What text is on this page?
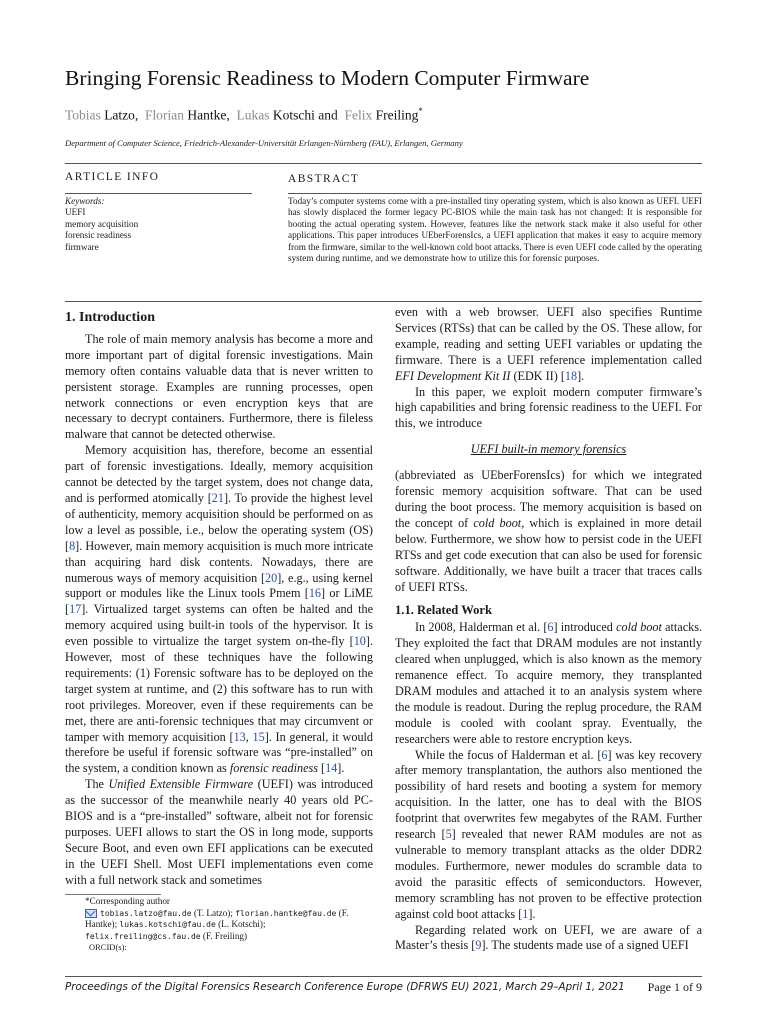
Bringing Forensic Readiness to Modern Computer Firmware
Tobias Latzo, Florian Hantke, Lukas Kotschi and Felix Freiling*
Department of Computer Science, Friedrich-Alexander-Universität Erlangen-Nürnberg (FAU), Erlangen, Germany
ARTICLE INFO
Keywords:
UEFI
memory acquisition
forensic readiness
firmware
ABSTRACT
Today’s computer systems come with a pre-installed tiny operating system, which is also known as UEFI. UEFI has slowly displaced the former legacy PC-BIOS while the main task has not changed: It is responsible for booting the actual operating system. However, features like the network stack make it also useful for other applications. This paper introduces UEberForensIcs, a UEFI application that makes it easy to acquire memory from the firmware, similar to the well-known cold boot attacks. There is even UEFI code called by the operating system during runtime, and we demonstrate how to utilize this for forensic purposes.
1. Introduction

The role of main memory analysis has become a more and more important part of digital forensic investigations. Main memory often contains valuable data that is never written to persistent storage. Examples are running processes, open network connections or even encryption keys that are necessary to decrypt containers. Furthermore, there is fileless malware that cannot be detected otherwise.

Memory acquisition has, therefore, become an essential part of forensic investigations. Ideally, memory acquisition cannot be detected by the target system, does not change data, and is performed atomically [21]. To provide the highest level of authenticity, memory acquisition should be performed on as low a level as possible, i.e., below the operating system (OS) [8]. However, main memory acquisition is much more intricate than acquiring hard disk contents. Nowadays, there are numerous ways of memory acquisition [20], e.g., using kernel support or modules like the Linux tools Pmem [16] or LiME [17]. Virtualized target systems can often be halted and the memory acquired using built-in tools of the hypervisor. It is even possible to virtualize the target system on-the-fly [10]. However, most of these techniques have the following requirements: (1) Forensic software has to be deployed on the target system at runtime, and (2) this software has to run with root privileges. Moreover, even if these requirements can be met, there are anti-forensic techniques that may circumvent or tamper with memory acquisition [13, 15]. In general, it would therefore be useful if forensic software was “pre-installed” on the system, a condition known as forensic readiness [14].

The Unified Extensible Firmware (UEFI) was introduced as the successor of the meanwhile nearly 40 years old PC-BIOS and is a “pre-installed” software, albeit not for forensic purposes. UEFI allows to start the OS in long mode, supports Secure Boot, and even own EFI applications can be executed in the UEFI Shell. Most UEFI implementations even come with a full network stack and sometimes

*Corresponding author
tobias.latzo@fau.de (T. Latzo); florian.hantke@fau.de (F. Hantke); lukas.kotschi@fau.de (L. Kotschi); felix.freiling@cs.fau.de (F. Freiling)
ORCID(s):

even with a web browser. UEFI also specifies Runtime Services (RTSs) that can be called by the OS. These allow, for example, reading and setting UEFI variables or updating the firmware. There is a UEFI reference implementation called EFI Development Kit II (EDK II) [18].

In this paper, we exploit modern computer firmware’s high capabilities and bring forensic readiness to the UEFI. For this, we introduce

UEFI built-in memory forensics

(abbreviated as UEberForensIcs) for which we integrated forensic memory acquisition software. That can be used during the boot process. The memory acquisition is based on the concept of cold boot, which is explained in more detail below. Furthermore, we show how to persist code in the UEFI RTSs and get code execution that can also be used for forensic software. Additionally, we have built a tracer that traces calls of UEFI RTSs.

1.1. Related Work

In 2008, Halderman et al. [6] introduced cold boot attacks. They exploited the fact that DRAM modules are not instantly cleared when unplugged, which is also known as the memory remanence effect. To acquire memory, they transplanted DRAM modules and attached it to an analysis system where the module is readout. During the replug procedure, the RAM module is cooled with coolant spray. Eventually, the researchers were able to restore encryption keys.

While the focus of Halderman et al. [6] was key recovery after memory transplantation, the authors also mentioned the possibility of hard resets and booting a system for memory acquisition. In the latter, one has to deal with the BIOS footprint that overwrites few megabytes of the RAM. Further research [5] revealed that newer RAM modules are not as vulnerable to memory transplant attacks as the older DDR2 modules. Furthermore, newer modules do scramble data to avoid the parasitic effects of semiconductors. However, memory scrambling has not proven to be effective protection against cold boot attacks [1].

Regarding related work on UEFI, we are aware of a Master’s thesis [9]. The students made use of a signed UEFI

Proceedings of the Digital Forensics Research Conference Europe (DFRWS EU) 2021, March 29–April 1, 2021 Page 1 of 9
